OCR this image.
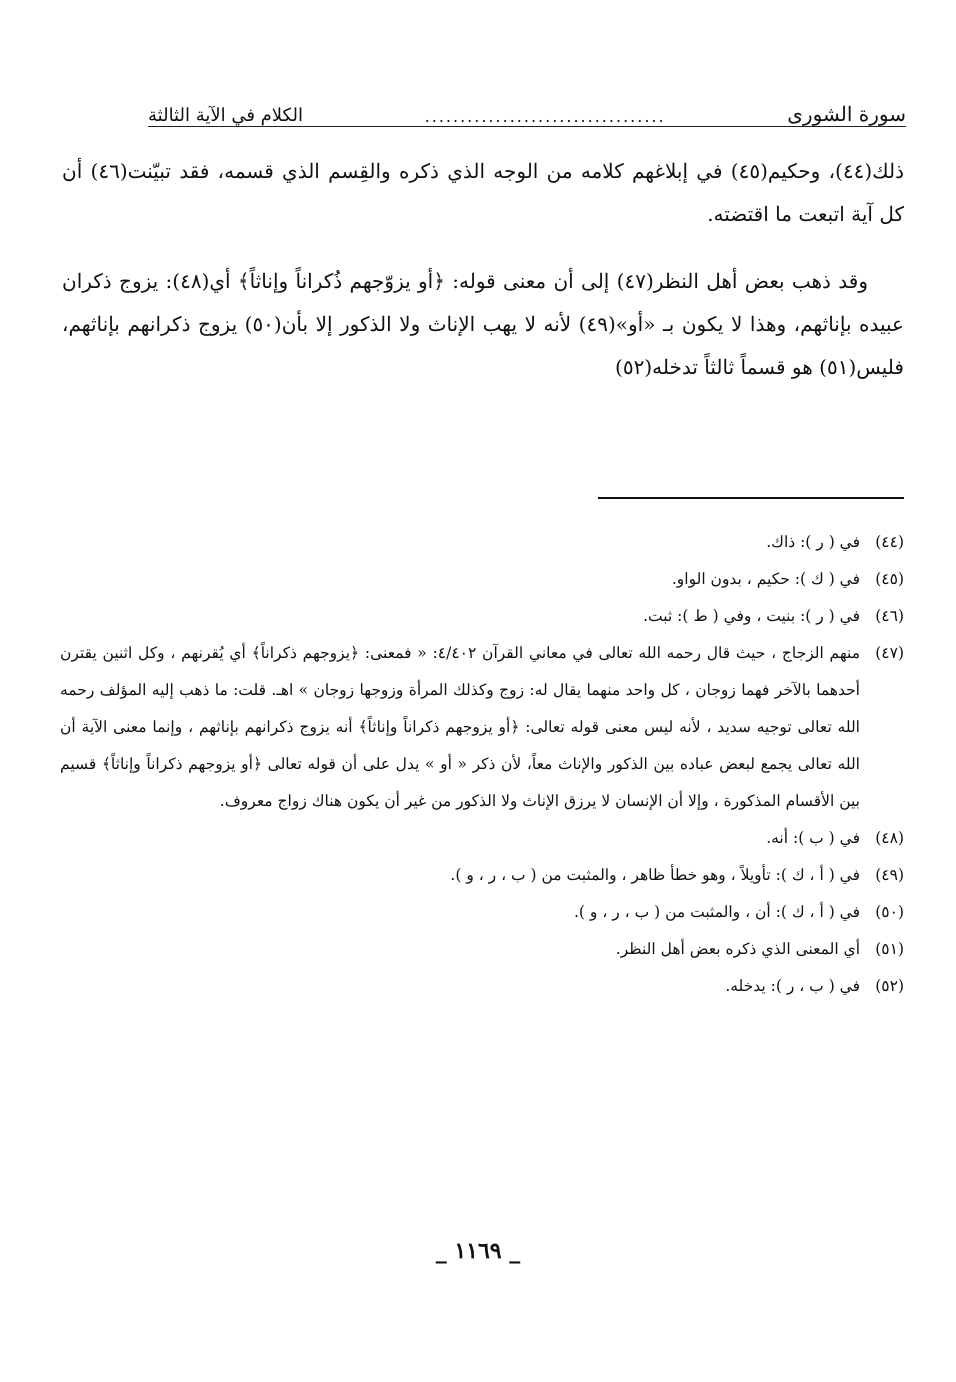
سورة الشورى
..................................
الكلام في الآية الثالثة

ذلك(٤٤)، وحكيم(٤٥) في إبلاغهم كلامه من الوجه الذي ذكره والقِسم الذي قسمه، فقد تبيّنت(٤٦) أن كل آية اتبعت ما اقتضته.

وقد ذهب بعض أهل النظر(٤٧) إلى أن معنى قوله: ﴿أو يزوّجهم ذُكراناً وإناثاً﴾ أي(٤٨): يزوج ذكران عبيده بإناثهم، وهذا لا يكون بـ «أو»(٤٩) لأنه لا يهب الإناث ولا الذكور إلا بأن(٥٠) يزوج ذكرانهم بإناثهم، فليس(٥١) هو قسماً ثالثاً تدخله(٥٢)

(٤٤)في ( ر ): ذاك.
(٤٥)في ( ك ): حكيم ، بدون الواو.
(٤٦)في ( ر ): بنيت ، وفي ( ط ): ثبت.
(٤٧)منهم الزجاج ، حيث قال رحمه الله تعالى في معاني القرآن ٤/٤٠٢: « فمعنى: ﴿يزوجهم ذكراناً﴾ أي يُقرنهم ، وكل اثنين يقترن أحدهما بالآخر فهما زوجان ، كل واحد منهما يقال له: زوج وكذلك المرأة وزوجها زوجان » اهـ. قلت: ما ذهب إليه المؤلف رحمه الله تعالى توجيه سديد ، لأنه ليس معنى قوله تعالى: ﴿أو يزوجهم ذكراناً وإناثاً﴾ أنه يزوج ذكرانهم بإناثهم ، وإنما معنى الآية أن الله تعالى يجمع لبعض عباده بين الذكور والإناث معاً، لأن ذكر « أو » يدل على أن قوله تعالى ﴿أو يزوجهم ذكراناً وإناثاً﴾ قسيم بين الأقسام المذكورة ، وإلا أن الإنسان لا يرزق الإناث ولا الذكور من غير أن يكون هناك زواج معروف.
(٤٨)في ( ب ): أنه.
(٤٩)في ( أ ، ك ): تأويلاً ، وهو خطأ ظاهر ، والمثبت من ( ب ، ر ، و ).
(٥٠)في ( أ ، ك ): أن ، والمثبت من ( ب ، ر ، و ).
(٥١)أي المعنى الذي ذكره بعض أهل النظر.
(٥٢)في ( ب ، ر ): يدخله.
_ ١١٦٩ _
